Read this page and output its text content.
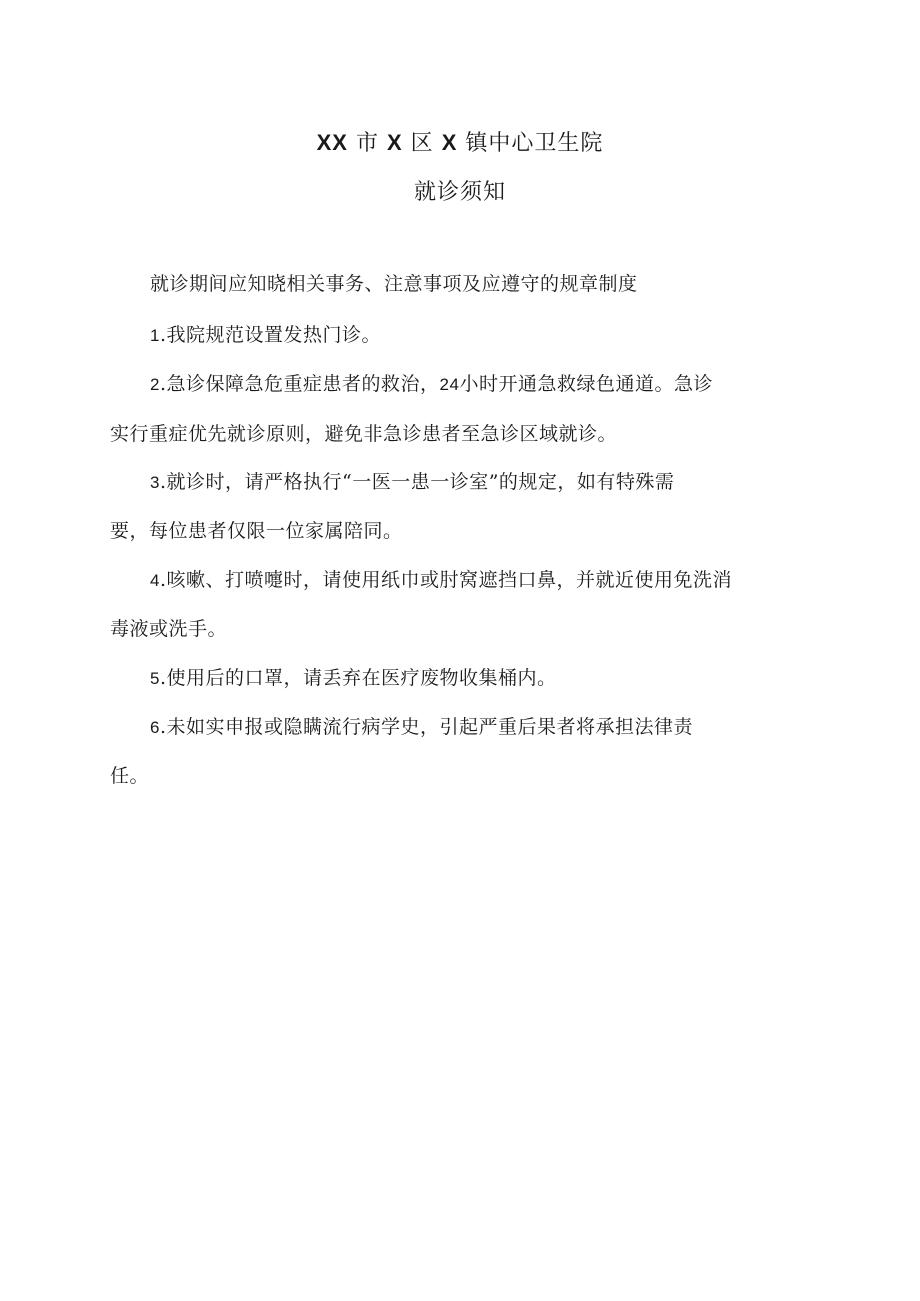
XX 市 X 区 X 镇中心卫生院
就诊须知
就诊期间应知晓相关事务、注意事项及应遵守的规章制度
1.我院规范设置发热门诊。
2.急诊保障急危重症患者的救治，24小时开通急救绿色通道。急诊
实行重症优先就诊原则，避免非急诊患者至急诊区域就诊。
3.就诊时，请严格执行“一医一患一诊室”的规定，如有特殊需
要，每位患者仅限一位家属陪同。
4.咳嗽、打喷嚏时，请使用纸巾或肘窝遮挡口鼻，并就近使用免洗消
毒液或洗手。
5.使用后的口罩，请丢弃在医疗废物收集桶内。
6.未如实申报或隐瞒流行病学史，引起严重后果者将承担法律责
任。
